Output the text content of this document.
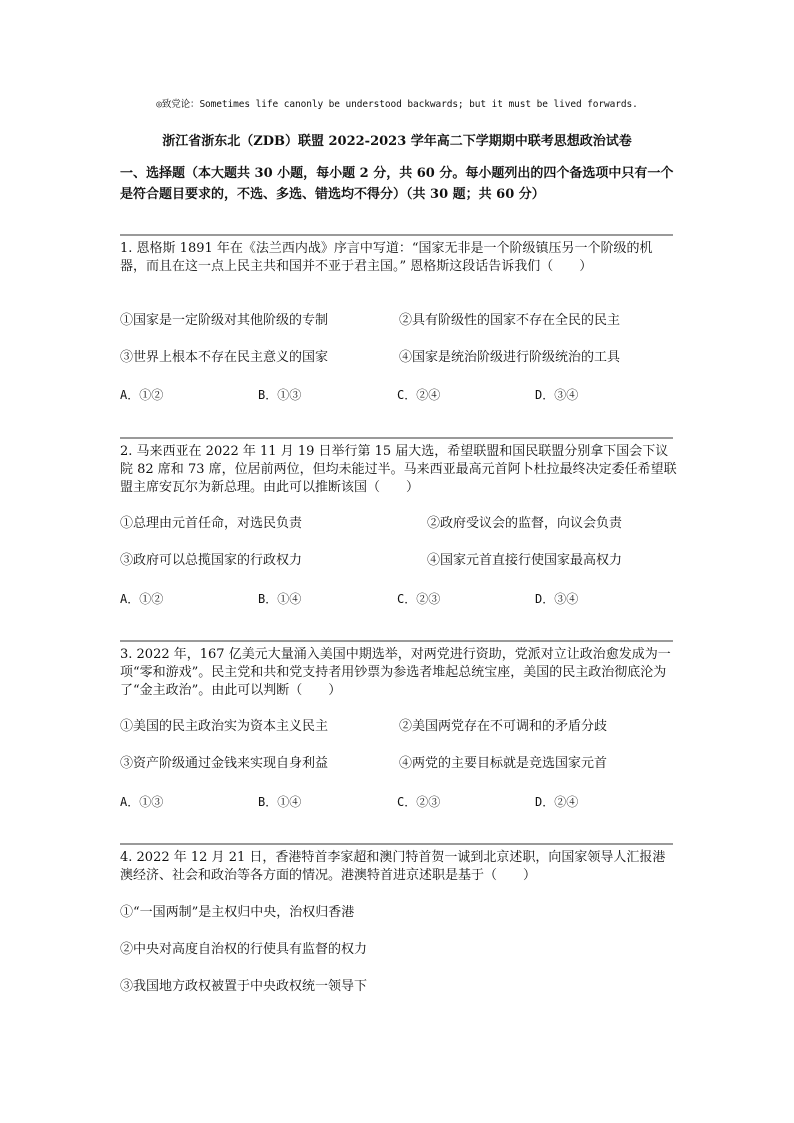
◎致党论：Sometimes life canonly be understood backwards; but it must be lived forwards.
浙江省浙东北（ZDB）联盟 2022-2023 学年高二下学期期中联考思想政治试卷
一、选择题（本大题共 30 小题，每小题 2 分，共 60 分。每小题列出的四个备选项中只有一个是符合题目要求的，不选、多选、错选均不得分）（共 30 题；共 60 分）
1. 恩格斯 1891 年在《法兰西内战》序言中写道：“国家无非是一个阶级镇压另一个阶级的机器，而且在这一点上民主共和国并不亚于君主国。” 恩格斯这段话告诉我们（　　）
①国家是一定阶级对其他阶级的专制	②具有阶级性的国家不存在全民的民主
③世界上根本不存在民主意义的国家	④国家是统治阶级进行阶级统治的工具
A．①②	B．①③	C．②④	D．③④
2. 马来西亚在 2022 年 11 月 19 日举行第 15 届大选，希望联盟和国民联盟分别拿下国会下议院 82 席和 73 席，位居前两位，但均未能过半。马来西亚最高元首阿卜杜拉最终决定委任希望联盟主席安瓦尔为新总理。由此可以推断该国（　　）
①总理由元首任命，对选民负责	②政府受议会的监督，向议会负责
③政府可以总揽国家的行政权力	④国家元首直接行使国家最高权力
A．①②	B．①④	C．②③	D．③④
3. 2022 年，167 亿美元大量涌入美国中期选举，对两党进行资助，党派对立让政治愈发成为一项“零和游戏”。民主党和共和党支持者用钞票为参选者堆起总统宝座，美国的民主政治彻底沦为了“金主政治”。由此可以判断（　　）
①美国的民主政治实为资本主义民主	②美国两党存在不可调和的矛盾分歧
③资产阶级通过金钱来实现自身利益	④两党的主要目标就是竞选国家元首
A．①③	B．①④	C．②③	D．②④
4. 2022 年 12 月 21 日，香港特首李家超和澳门特首贺一诚到北京述职，向国家领导人汇报港澳经济、社会和政治等各方面的情况。港澳特首进京述职是基于（　　）
①“一国两制”是主权归中央，治权归香港
②中央对高度自治权的行使具有监督的权力
③我国地方政权被置于中央政权统一领导下
